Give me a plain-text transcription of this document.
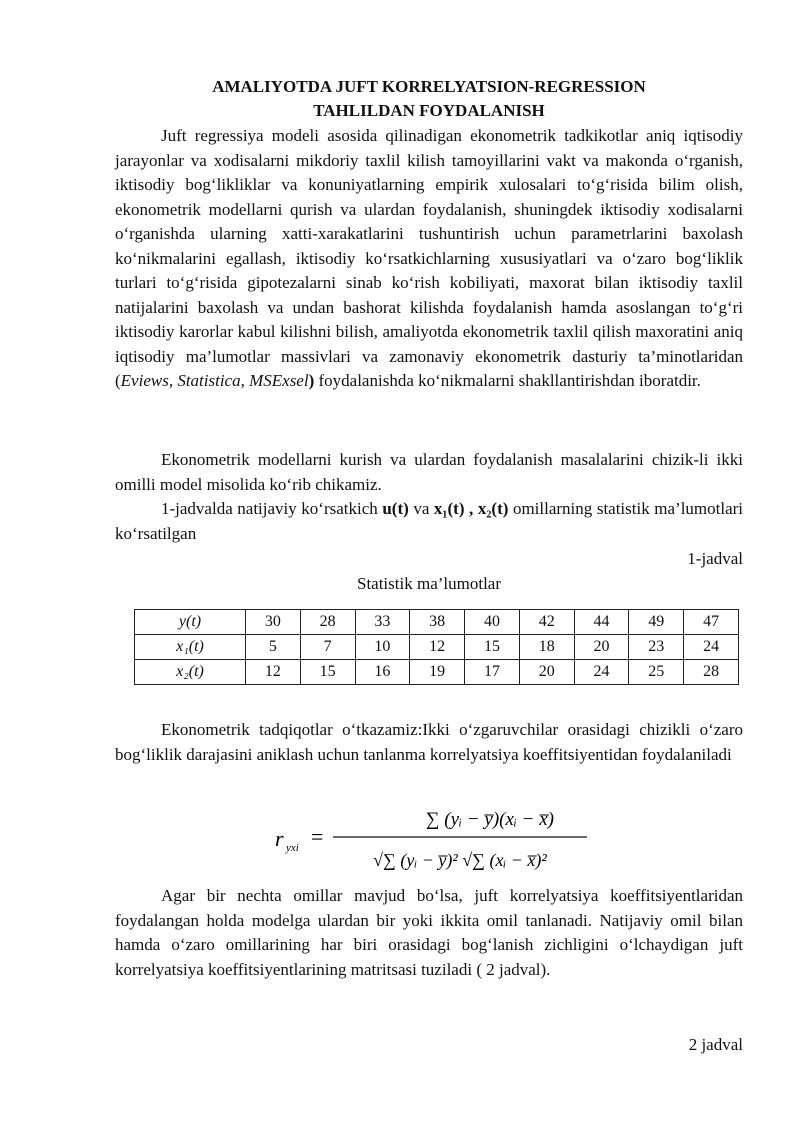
AMALIYOTDA JUFT KORRELYATSION-REGRESSION
TAHLILDAN FOYDALANISH
Juft regressiya modeli asosida qilinadigan ekonometrik tadkikotlar aniq iqtisodiy jarayonlar va xodisalarni mikdoriy taxlil kilish tamoyillarini vakt va makonda o‘rganish, iktisodiy bog‘likliklar va konuniyatlarning empirik xulosalari to‘g‘risida bilim olish, ekonometrik modellarni qurish va ulardan foydalanish, shuningdek iktisodiy xodisalarni o‘rganishda ularning xatti-xarakatlarini tushuntirish uchun parametrlarini baxolash ko‘nikmalarini egallash, iktisodiy ko‘rsatkichlarning xususiyatlari va o‘zaro bog‘liklik turlari to‘g‘risida gipotezalarni sinab ko‘rish kobiliyati, maxorat bilan iktisodiy taxlil natijalarini baxolash va undan bashorat kilishda foydalanish hamda asoslangan to‘g‘ri iktisodiy karorlar kabul kilishni bilish, amaliyotda ekonometrik taxlil qilish maxoratini aniq iqtisodiy ma’lumotlar massivlari va zamonaviy ekonometrik dasturiy ta’minotlaridan (Eviews, Statistica, MSExsel) foydalanishda ko‘nikmalarni shakllantirishdan iboratdir.
Ekonometrik modellarni kurish va ulardan foydalanish masalalarini chizik-li ikki omilli model misolida ko‘rib chikamiz.
1-jadvalda natijaviy ko‘rsatkich u(t) va x₁(t) , x₂(t) omillarning statistik ma’lumotlari ko‘rsatilgan
1-jadval
Statistik ma’lumotlar
y(t)	30	28	33	38	40	42	44	49	47
x₁(t)	5	7	10	12	15	18	20	23	24
x₂(t)	12	15	16	19	17	20	24	25	28
Ekonometrik tadqiqotlar o‘tkazamiz:Ikki o‘zgaruvchilar orasidagi chizikli o‘zaro bog‘liklik darajasini aniklash uchun tanlanma korrelyatsiya koeffitsiyentidan foydalaniladi
r yxi =
∑ (yᵢ − y̅)(xᵢ − x̅)
√∑ (yᵢ − y̅)² √∑ (xᵢ − x̅)²
Agar bir nechta omillar mavjud bo‘lsa, juft korrelyatsiya koeffitsiyentlaridan foydalangan holda modelga ulardan bir yoki ikkita omil tanlanadi. Natijaviy omil bilan hamda o‘zaro omillarining har biri orasidagi bog‘lanish zichligini o‘lchaydigan juft korrelyatsiya koeffitsiyentlarining matritsasi tuziladi ( 2 jadval).
2 jadval
